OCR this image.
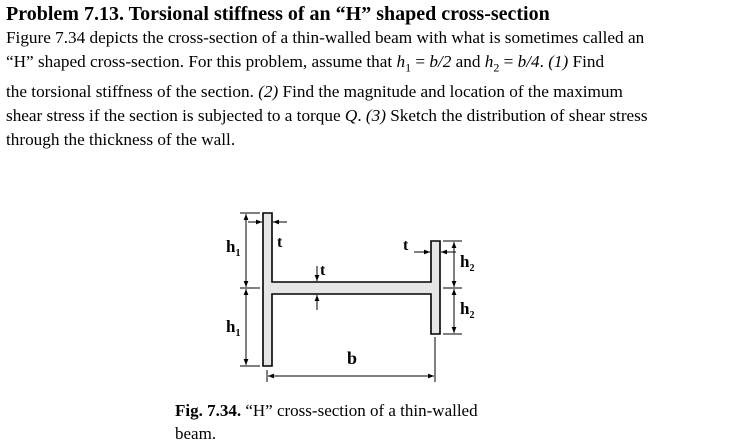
Problem 7.13. Torsional stiffness of an “H” shaped cross-section
Figure 7.34 depicts the cross-section of a thin-walled beam with what is sometimes called an
“H” shaped cross-section. For this problem, assume that $h_1 = b/2$ and $h_2 = b/4$. (1) Find
the torsional stiffness of the section. (2) Find the magnitude and location of the maximum
shear stress if the section is subjected to a torque Q. (3) Sketch the distribution of shear stress
through the thickness of the wall.
$h_1$
$h_1$
$h_2$
$h_2$
t
t
t
b
Fig. 7.34. “H” cross-section of a thin-walled
beam.
